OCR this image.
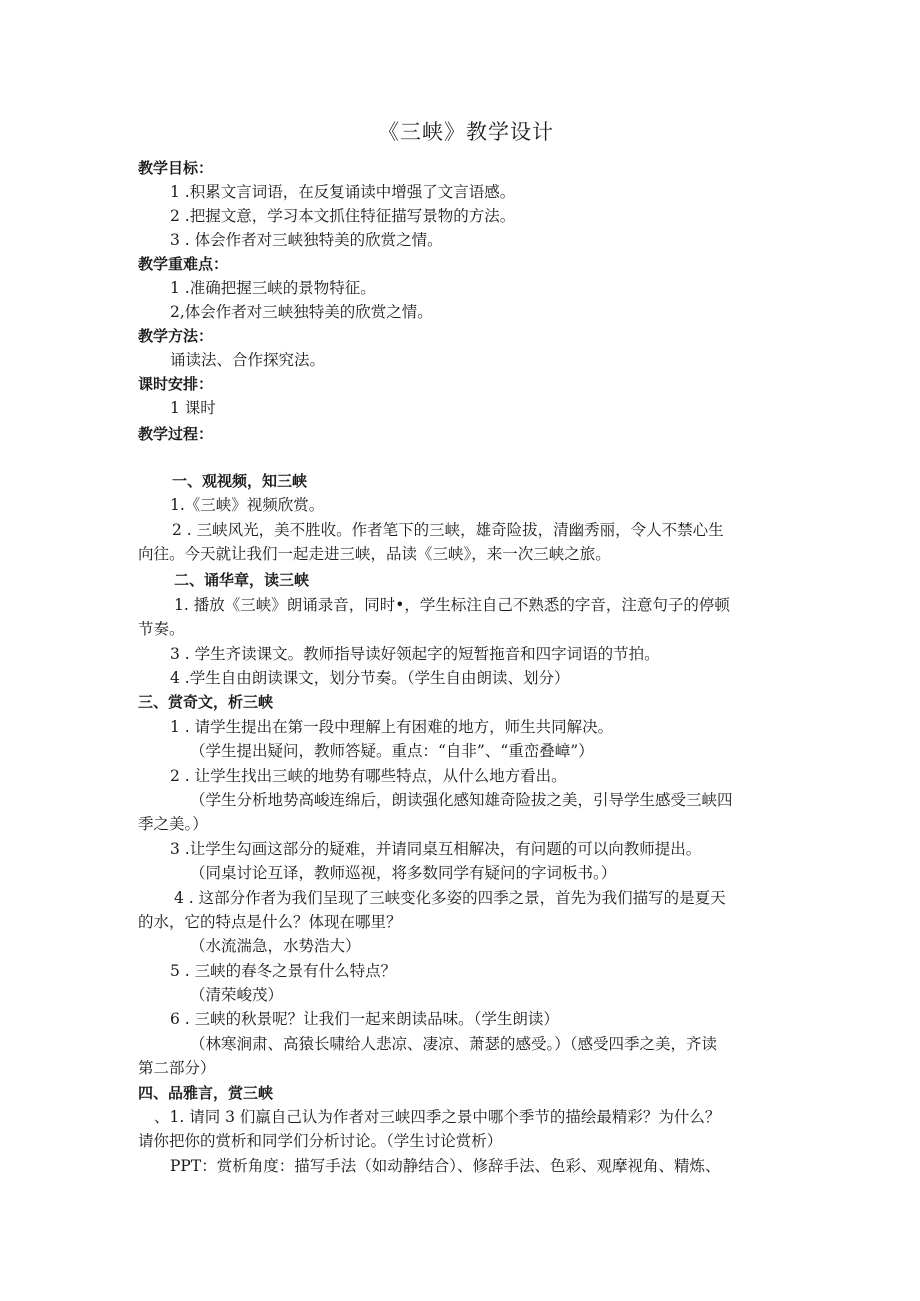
《三峡》教学设计
教学目标：
1 .积累文言词语，在反复诵读中增强了文言语感。
2 .把握文意，学习本文抓住特征描写景物的方法。
3 . 体会作者对三峡独特美的欣赏之情。
教学重难点：
1 .准确把握三峡的景物特征。
2,体会作者对三峡独特美的欣赏之情。
教学方法：
诵读法、合作探究法。
课时安排：
1 课时
教学过程：
一、观视频，知三峡
1.《三峡》视频欣赏。
2 . 三峡风光，美不胜收。作者笔下的三峡，雄奇险拔，清幽秀丽，令人不禁心生
向往。今天就让我们一起走进三峡，品读《三峡》，来一次三峡之旅。
二、诵华章，读三峡
1. 播放《三峡》朗诵录音，同时•，学生标注自己不熟悉的字音，注意句子的停顿
节奏。
3 . 学生齐读课文。教师指导读好领起字的短暂拖音和四字词语的节拍。
4 .学生自由朗读课文，划分节奏。（学生自由朗读、划分）
三、赏奇文，析三峡
1 . 请学生提出在第一段中理解上有困难的地方，师生共同解决。
（学生提出疑问，教师答疑。重点：“自非”、“重峦叠嶂”）
2 . 让学生找出三峡的地势有哪些特点，从什么地方看出。
（学生分析地势高峻连绵后，朗读强化感知雄奇险拔之美，引导学生感受三峡四
季之美。）
3 .让学生勾画这部分的疑难，并请同桌互相解决，有问题的可以向教师提出。
（同桌讨论互译，教师巡视，将多数同学有疑问的字词板书。）
4 . 这部分作者为我们呈现了三峡变化多姿的四季之景，首先为我们描写的是夏天
的水，它的特点是什么？体现在哪里？
（水流湍急，水势浩大）
5 . 三峡的春冬之景有什么特点？
（清荣峻茂）
6 . 三峡的秋景呢？让我们一起来朗读品味。（学生朗读）
（林寒涧肃、高猿长啸给人悲凉、凄凉、萧瑟的感受。）（感受四季之美，齐读
第二部分）
四、品雅言，赏三峡
、1. 请同 3 们羸自己认为作者对三峡四季之景中哪个季节的描绘最精彩？为什么？
请你把你的赏析和同学们分析讨论。（学生讨论赏析）
PPT：赏析角度：描写手法（如动静结合）、修辞手法、色彩、观摩视角、精炼、
